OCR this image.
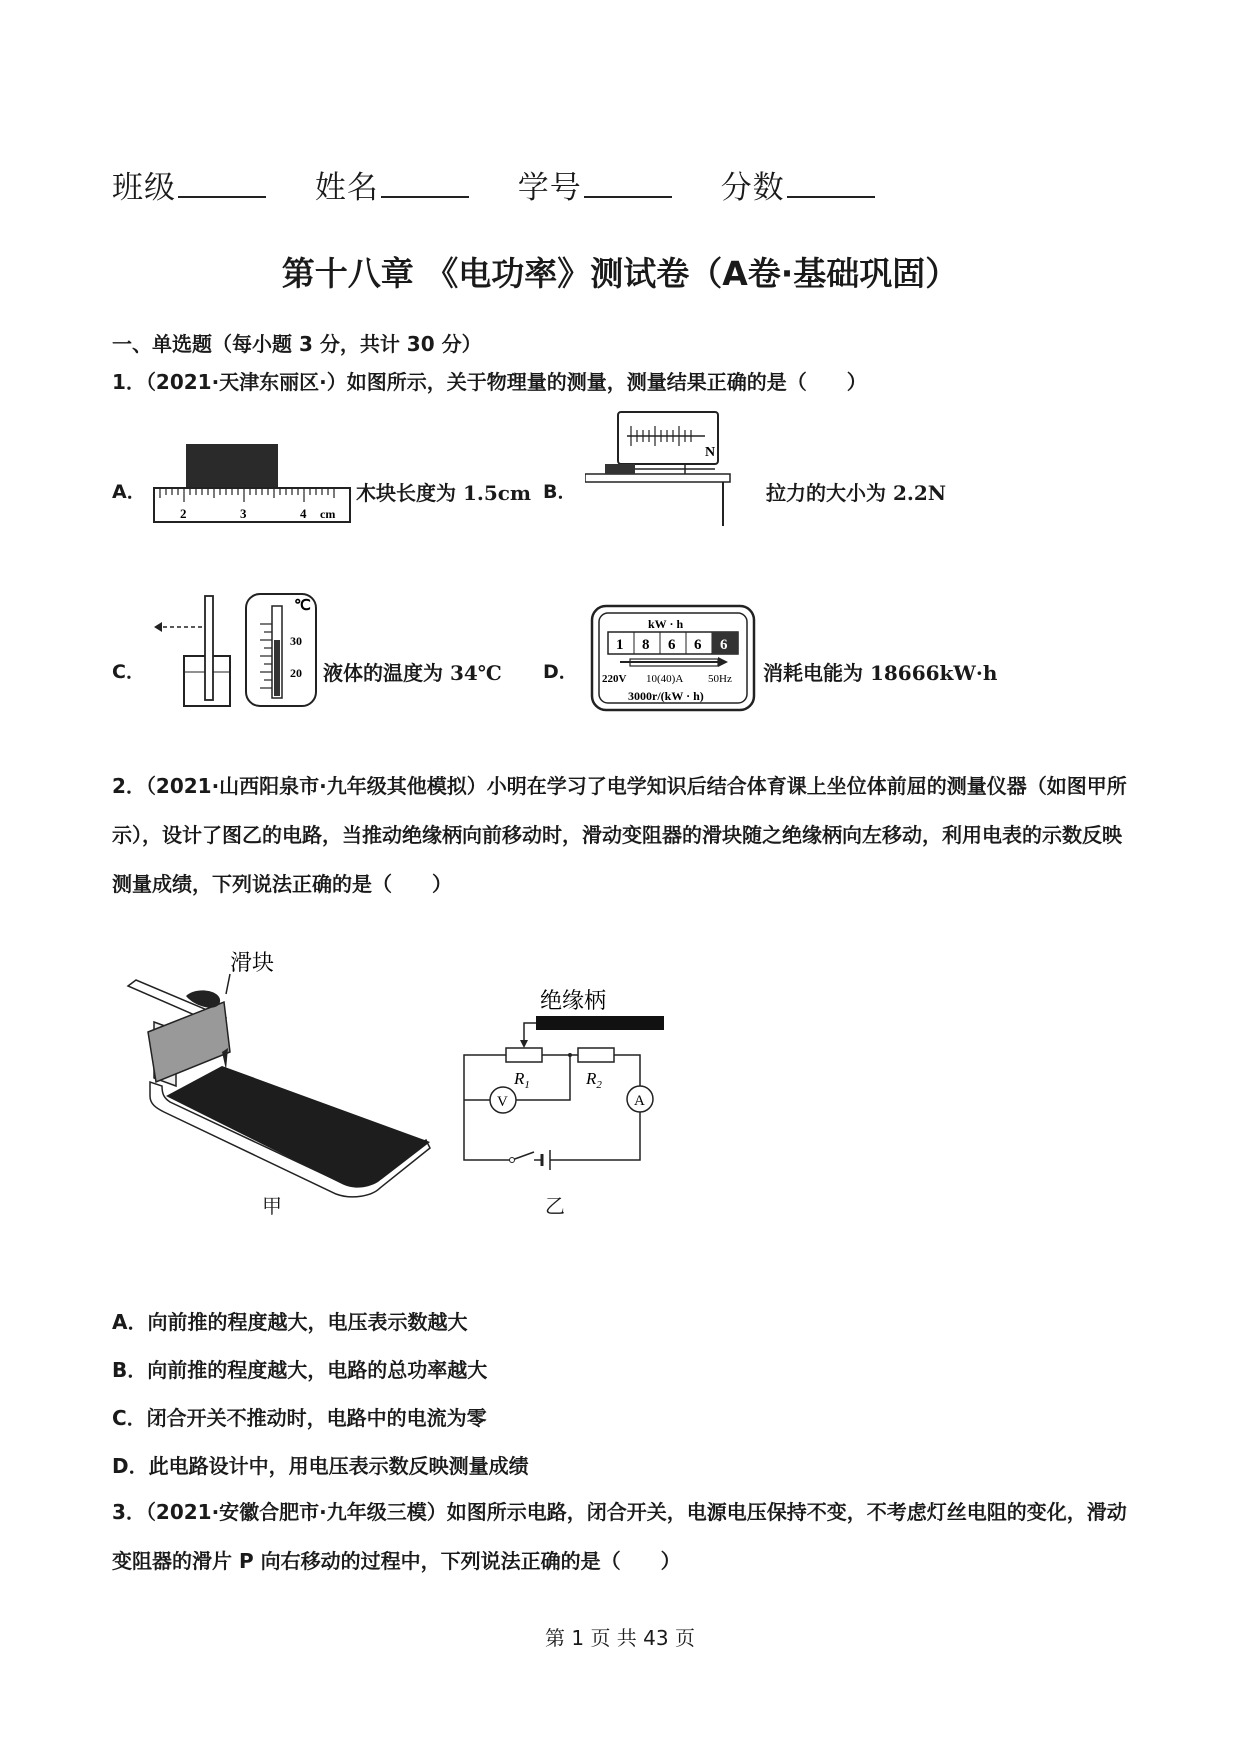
班级	姓名	学号	分数
第十八章 《电功率》测试卷（A卷·基础巩固）
一、单选题（每小题 3 分，共计 30 分）
1．（2021·天津东丽区·）如图所示，关于物理量的测量，测量结果正确的是（　　）
A．
2	3	4 cm
木块长度为 1.5cm B．
N
拉力的大小为 2.2N
C．
℃
30
20 液体的温度为 34℃ D．
kW · h
1 8 6 6 6
220V 10(40)A 50Hz
3000r/(kW · h)
消耗电能为 18666kW·h
2．（2021·山西阳泉市·九年级其他模拟）小明在学习了电学知识后结合体育课上坐位体前屈的测量仪器（如图甲所示），设计了图乙的电路，当推动绝缘柄向前移动时，滑动变阻器的滑块随之绝缘柄向左移动，利用电表的示数反映测量成绩，下列说法正确的是（　　）
滑块
甲
绝缘柄
$R_1$	$R_2$
A
V
乙
A．向前推的程度越大，电压表示数越大
B．向前推的程度越大，电路的总功率越大
C．闭合开关不推动时，电路中的电流为零
D．此电路设计中，用电压表示数反映测量成绩
3．（2021·安徽合肥市·九年级三模）如图所示电路，闭合开关，电源电压保持不变，不考虑灯丝电阻的变化，滑动变阻器的滑片 P 向右移动的过程中，下列说法正确的是（　　）
第 1 页 共 43 页
